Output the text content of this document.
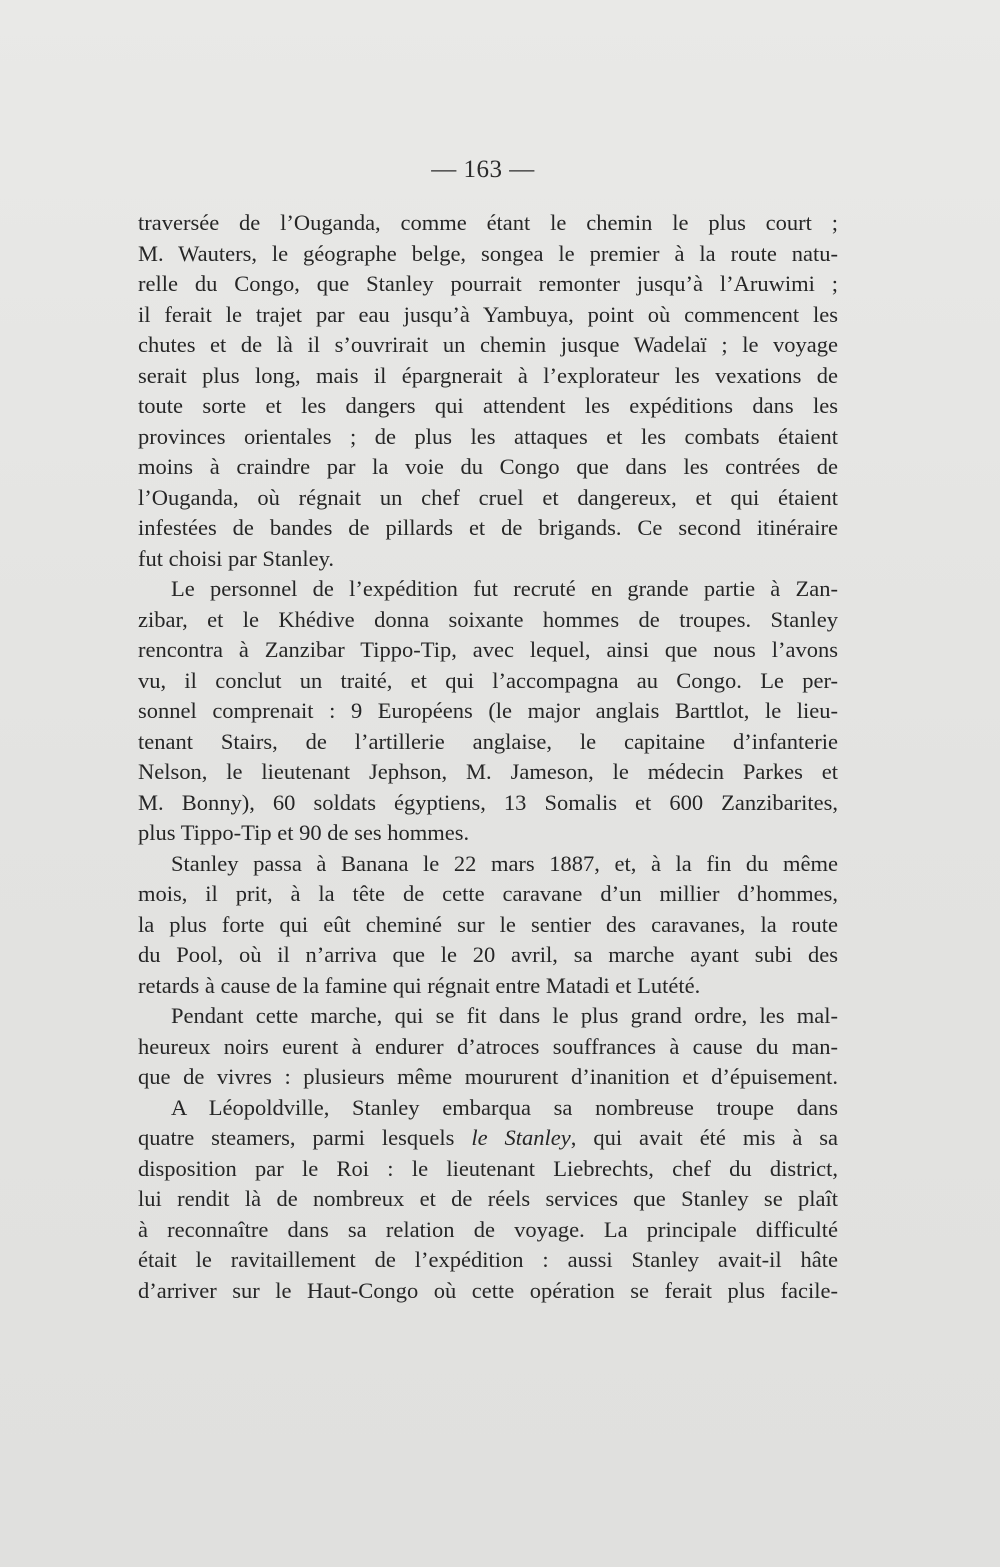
— 163 —
traversée de l’Ouganda, comme étant le chemin le plus court ;
M. Wauters, le géographe belge, songea le premier à la route natu-
relle du Congo, que Stanley pourrait remonter jusqu’à l’Aruwimi ;
il ferait le trajet par eau jusqu’à Yambuya, point où commencent les
chutes et de là il s’ouvrirait un chemin jusque Wadelaï ; le voyage
serait plus long, mais il épargnerait à l’explorateur les vexations de
toute sorte et les dangers qui attendent les expéditions dans les
provinces orientales ; de plus les attaques et les combats étaient
moins à craindre par la voie du Congo que dans les contrées de
l’Ouganda, où régnait un chef cruel et dangereux, et qui étaient
infestées de bandes de pillards et de brigands. Ce second itinéraire
fut choisi par Stanley.
Le personnel de l’expédition fut recruté en grande partie à Zan-
zibar, et le Khédive donna soixante hommes de troupes. Stanley
rencontra à Zanzibar Tippo-Tip, avec lequel, ainsi que nous l’avons
vu, il conclut un traité, et qui l’accompagna au Congo. Le per-
sonnel comprenait : 9 Européens (le major anglais Barttlot, le lieu-
tenant Stairs, de l’artillerie anglaise, le capitaine d’infanterie
Nelson, le lieutenant Jephson, M. Jameson, le médecin Parkes et
M. Bonny), 60 soldats égyptiens, 13 Somalis et 600 Zanzibarites,
plus Tippo-Tip et 90 de ses hommes.
Stanley passa à Banana le 22 mars 1887, et, à la fin du même
mois, il prit, à la tête de cette caravane d’un millier d’hommes,
la plus forte qui eût cheminé sur le sentier des caravanes, la route
du Pool, où il n’arriva que le 20 avril, sa marche ayant subi des
retards à cause de la famine qui régnait entre Matadi et Lutété.
Pendant cette marche, qui se fit dans le plus grand ordre, les mal-
heureux noirs eurent à endurer d’atroces souffrances à cause du man-
que de vivres : plusieurs même moururent d’inanition et d’épuisement.
A Léopoldville, Stanley embarqua sa nombreuse troupe dans
quatre steamers, parmi lesquels le Stanley, qui avait été mis à sa
disposition par le Roi : le lieutenant Liebrechts, chef du district,
lui rendit là de nombreux et de réels services que Stanley se plaît
à reconnaître dans sa relation de voyage. La principale difficulté
était le ravitaillement de l’expédition : aussi Stanley avait-il hâte
d’arriver sur le Haut-Congo où cette opération se ferait plus facile-
